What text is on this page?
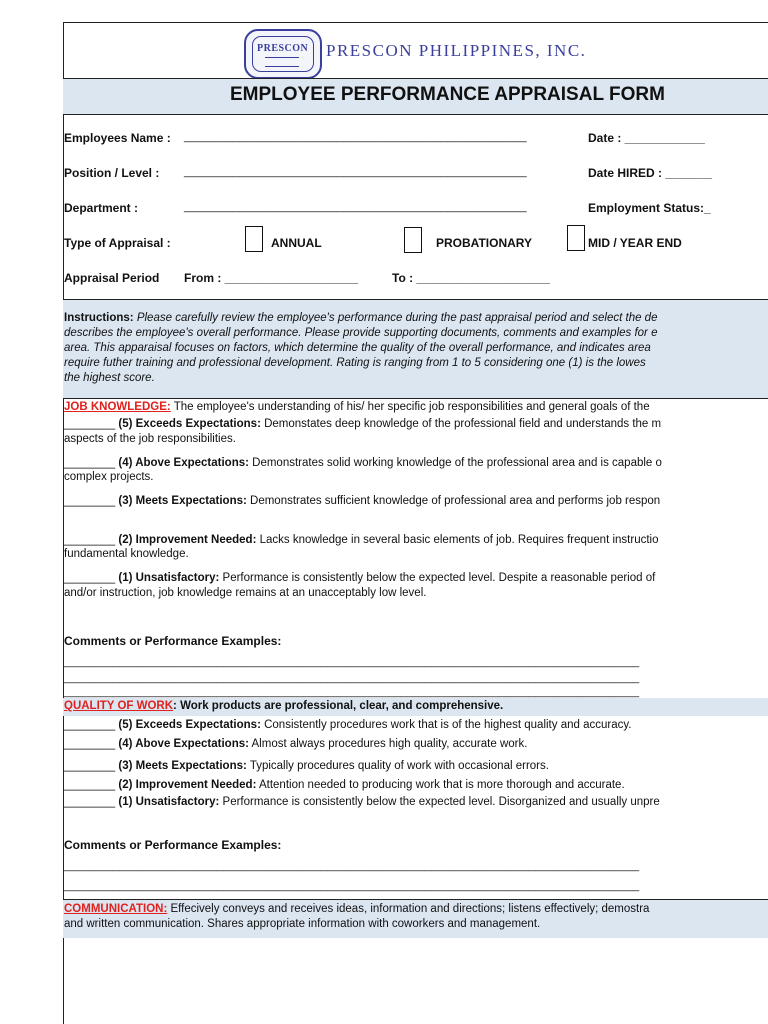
PRESCON PRESCON PHILIPPINES, INC.
EMPLOYEE PERFORMANCE APPRAISAL FORM
Employees Name : ________________________________________________________	Date : ____________
Position / Level : ________________________________________________________	Date HIRED : _______
Department :	________________________________________________________	Employment Status:_
Type of Appraisal :	ANNUAL	PROBATIONARY	MID / YEAR END
Appraisal Period From : ____________________	To : ____________________
Instructions: Please carefully review the employee's performance during the past appraisal period and select the de
describes the employee's overall performance. Please provide supporting documents, comments and examples for e
area. This apparaisal focuses on factors, which determine the quality of the overall performance, and indicates area
require futher training and professional development. Rating is ranging from 1 to 5 considering one (1) is the lowes
the highest score.
JOB KNOWLEDGE: The employee's understanding of his/ her specific job responsibilities and general goals of the
________ (5) Exceeds Expectations: Demonstates deep knowledge of the professional field and understands the m
aspects of the job responsibilities.
________ (4) Above Expectations: Demonstrates solid working knowledge of the professional area and is capable o
complex projects.
________ (3) Meets Expectations: Demonstrates sufficient knowledge of professional area and performs job respon
________ (2) Improvement Needed: Lacks knowledge in several basic elements of job. Requires frequent instructio
fundamental knowledge.
________ (1) Unsatisfactory: Performance is consistently below the expected level. Despite a reasonable period of
and/or instruction, job knowledge remains at an unacceptably low level.
Comments or Performance Examples:
______________________________________________________________________________________________
______________________________________________________________________________________________
______________________________________________________________________________________________
QUALITY OF WORK: Work products are professional, clear, and comprehensive.
________ (5) Exceeds Expectations: Consistently procedures work that is of the highest quality and accuracy.
________ (4) Above Expectations: Almost always procedures high quality, accurate work.
________ (3) Meets Expectations: Typically procedures quality of work with occasional errors.
________ (2) Improvement Needed: Attention needed to producing work that is more thorough and accurate.
________ (1) Unsatisfactory: Performance is consistently below the expected level. Disorganized and usually unpre
Comments or Performance Examples:
______________________________________________________________________________________________
______________________________________________________________________________________________
COMMUNICATION: Effecively conveys and receives ideas, information and directions; listens effectively; demostra
and written communication. Shares appropriate information with coworkers and management.
